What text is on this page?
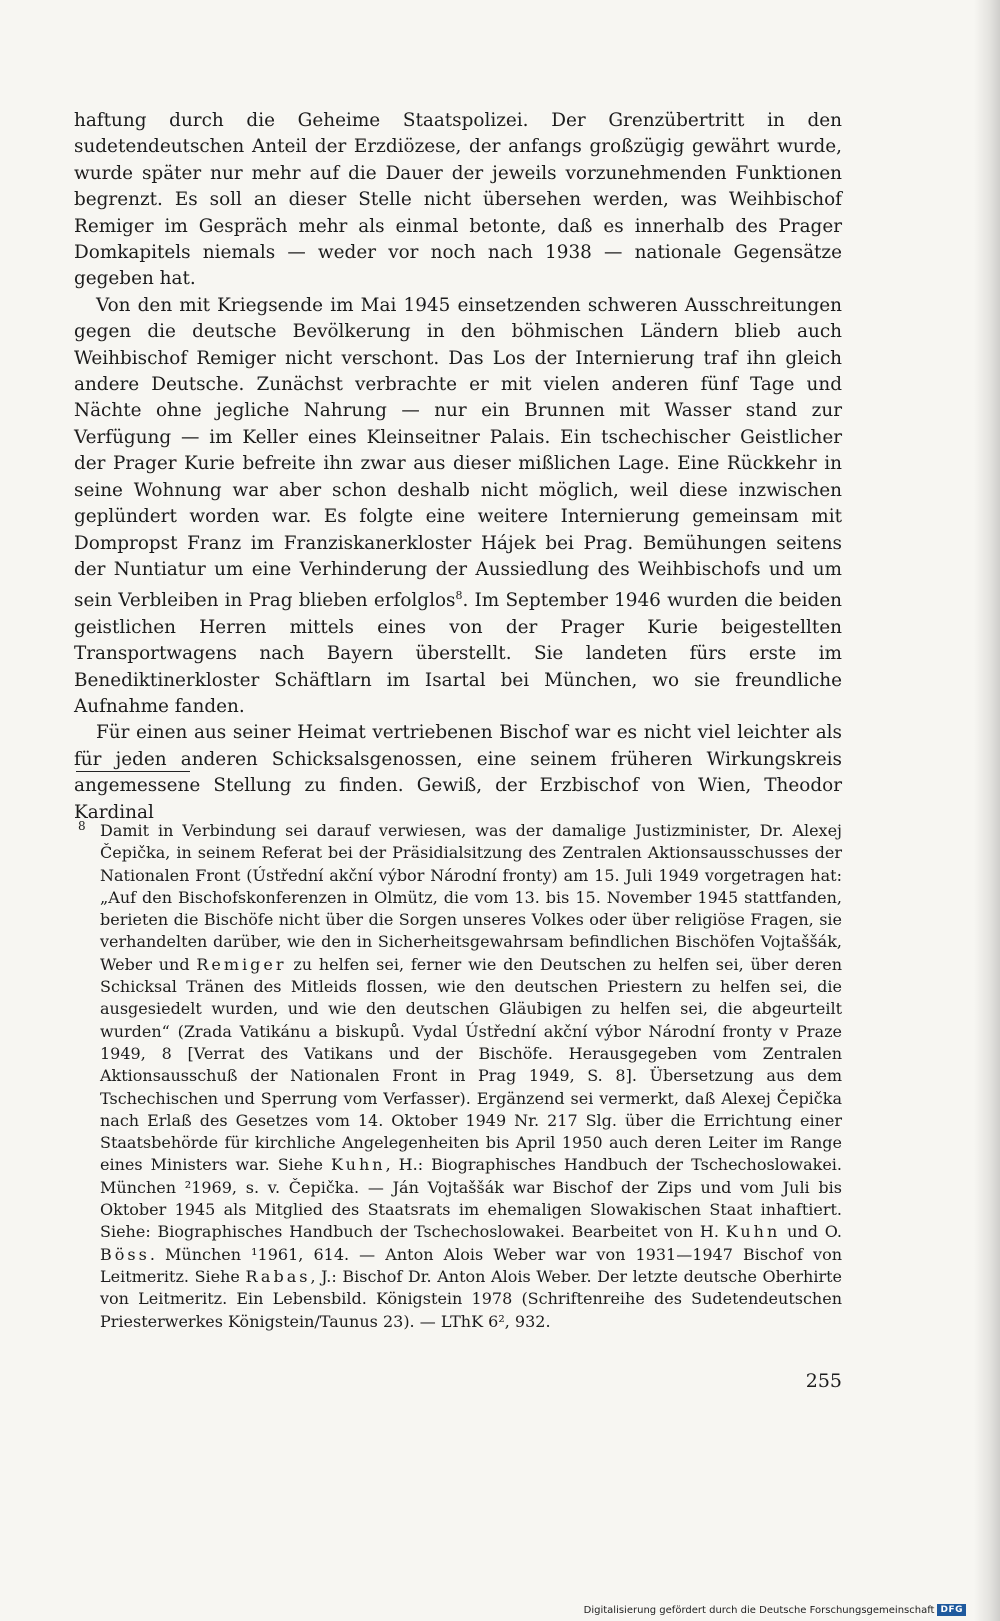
haftung durch die Geheime Staatspolizei. Der Grenzübertritt in den sudetendeutschen Anteil der Erzdiözese, der anfangs großzügig gewährt wurde, wurde später nur mehr auf die Dauer der jeweils vorzunehmenden Funktionen begrenzt. Es soll an dieser Stelle nicht übersehen werden, was Weihbischof Remiger im Gespräch mehr als einmal betonte, daß es innerhalb des Prager Domkapitels niemals — weder vor noch nach 1938 — nationale Gegensätze gegeben hat.

Von den mit Kriegsende im Mai 1945 einsetzenden schweren Ausschreitungen gegen die deutsche Bevölkerung in den böhmischen Ländern blieb auch Weihbischof Remiger nicht verschont. Das Los der Internierung traf ihn gleich andere Deutsche. Zunächst verbrachte er mit vielen anderen fünf Tage und Nächte ohne jegliche Nahrung — nur ein Brunnen mit Wasser stand zur Verfügung — im Keller eines Kleinseitner Palais. Ein tschechischer Geistlicher der Prager Kurie befreite ihn zwar aus dieser mißlichen Lage. Eine Rückkehr in seine Wohnung war aber schon deshalb nicht möglich, weil diese inzwischen geplündert worden war. Es folgte eine weitere Internierung gemeinsam mit Dompropst Franz im Franziskanerkloster Hájek bei Prag. Bemühungen seitens der Nuntiatur um eine Verhinderung der Aussiedlung des Weihbischofs und um sein Verbleiben in Prag blieben erfolglos$^8$. Im September 1946 wurden die beiden geistlichen Herren mittels eines von der Prager Kurie beigestellten Transportwagens nach Bayern überstellt. Sie landeten fürs erste im Benediktinerkloster Schäftlarn im Isartal bei München, wo sie freundliche Aufnahme fanden.

Für einen aus seiner Heimat vertriebenen Bischof war es nicht viel leichter als für jeden anderen Schicksalsgenossen, eine seinem früheren Wirkungskreis angemessene Stellung zu finden. Gewiß, der Erzbischof von Wien, Theodor Kardinal

8 Damit in Verbindung sei darauf verwiesen, was der damalige Justizminister, Dr. Alexej Čepička, in seinem Referat bei der Präsidialsitzung des Zentralen Aktionsausschusses der Nationalen Front (Ústřední akční výbor Národní fronty) am 15. Juli 1949 vorgetragen hat: „Auf den Bischofskonferenzen in Olmütz, die vom 13. bis 15. November 1945 stattfanden, berieten die Bischöfe nicht über die Sorgen unseres Volkes oder über religiöse Fragen, sie verhandelten darüber, wie den in Sicherheitsgewahrsam befindlichen Bischöfen Vojtaššák, Weber und Remiger zu helfen sei, ferner wie den Deutschen zu helfen sei, über deren Schicksal Tränen des Mitleids flossen, wie den deutschen Priestern zu helfen sei, die ausgesiedelt wurden, und wie den deutschen Gläubigen zu helfen sei, die abgeurteilt wurden“ (Zrada Vatikánu a biskupů. Vydal Ústřední akční výbor Národní fronty v Praze 1949, 8 [Verrat des Vatikans und der Bischöfe. Herausgegeben vom Zentralen Aktionsausschuß der Nationalen Front in Prag 1949, S. 8]. Übersetzung aus dem Tschechischen und Sperrung vom Verfasser). Ergänzend sei vermerkt, daß Alexej Čepička nach Erlaß des Gesetzes vom 14. Oktober 1949 Nr. 217 Slg. über die Errichtung einer Staatsbehörde für kirchliche Angelegenheiten bis April 1950 auch deren Leiter im Range eines Ministers war. Siehe Kuhn, H.: Biographisches Handbuch der Tschechoslowakei. München ²1969, s. v. Čepička. — Ján Vojtaššák war Bischof der Zips und vom Juli bis Oktober 1945 als Mitglied des Staatsrats im ehemaligen Slowakischen Staat inhaftiert. Siehe: Biographisches Handbuch der Tschechoslowakei. Bearbeitet von H. Kuhn und O. Böss. München ¹1961, 614. — Anton Alois Weber war von 1931—1947 Bischof von Leitmeritz. Siehe Rabas, J.: Bischof Dr. Anton Alois Weber. Der letzte deutsche Oberhirte von Leitmeritz. Ein Lebensbild. Königstein 1978 (Schriftenreihe des Sudetendeutschen Priesterwerkes Königstein/Taunus 23). — LThK 6², 932.
255
Digitalisierung gefördert durch die Deutsche Forschungsgemeinschaft DFG
